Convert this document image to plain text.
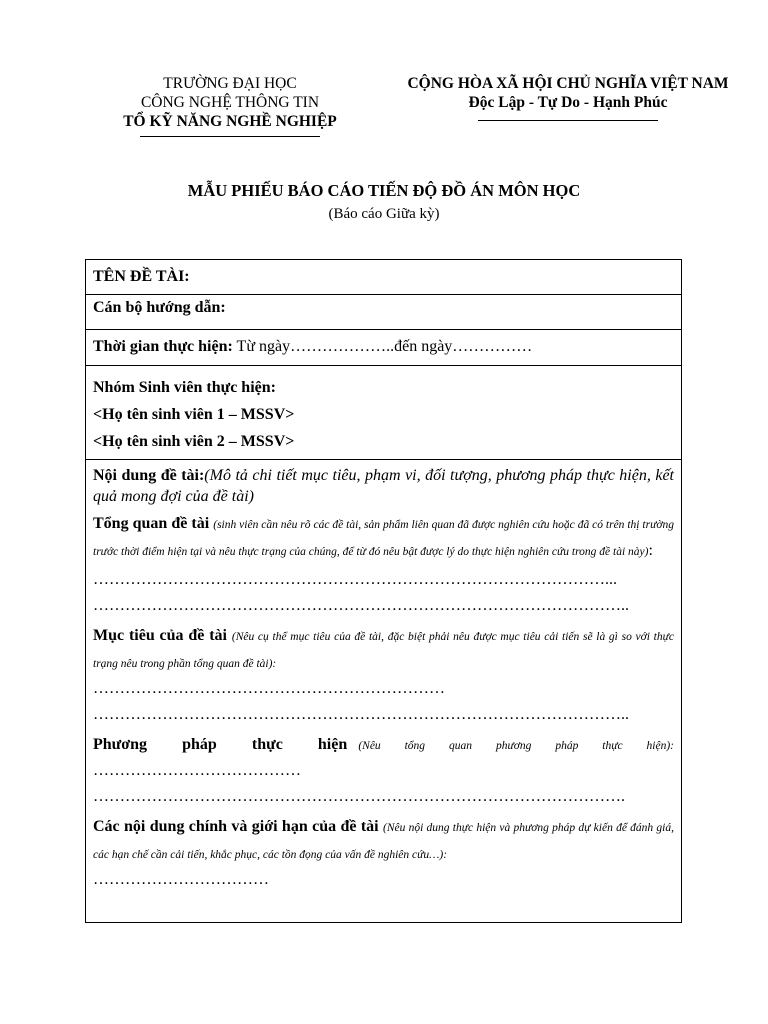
TRƯỜNG ĐẠI HỌC
CÔNG NGHỆ THÔNG TIN
TỔ KỸ NĂNG NGHỀ NGHIỆP
CỘNG HÒA XÃ HỘI CHỦ NGHĨA VIỆT NAM
Độc Lập - Tự Do - Hạnh Phúc
MẪU PHIẾU BÁO CÁO TIẾN ĐỘ ĐỒ ÁN MÔN HỌC
(Báo cáo Giữa kỳ)
TÊN ĐỀ TÀI:
Cán bộ hướng dẫn:
Thời gian thực hiện: Từ ngày………………..đến ngày……………
Nhóm Sinh viên thực hiện:
<Họ tên sinh viên 1 – MSSV>
<Họ tên sinh viên 2 – MSSV>

Nội dung đề tài:(Mô tả chi tiết mục tiêu, phạm vi, đối tượng, phương pháp thực hiện, kết quả mong đợi của đề tài)

Tổng quan đề tài (sinh viên cần nêu rõ các đề tài, sản phẩm liên quan đã được nghiên cứu hoặc đã có trên thị trường trước thời điểm hiện tại và nêu thực trạng của chúng, để từ đó nêu bật được lý do thực hiện nghiên cứu trong đề tài này):

……………………………………………………………………………………...

………………………………………………………………………………………..

Mục tiêu của đề tài (Nêu cụ thể mục tiêu của đề tài, đặc biệt phải nêu được mục tiêu cải tiến sẽ là gì so với thực trạng nêu trong phần tổng quan đề tài):

…………………………………………………………

………………………………………………………………………………………..

Phương pháp thực hiện (Nêu tổng quan phương pháp thực hiện):

…………………………………

……………………………………………………………………………………….

Các nội dung chính và giới hạn của đề tài (Nêu nội dung thực hiện và phương pháp dự kiến để đánh giá, các hạn chế cần cải tiến, khắc phục, các tồn đọng của vấn đề nghiên cứu…):

……………………………
